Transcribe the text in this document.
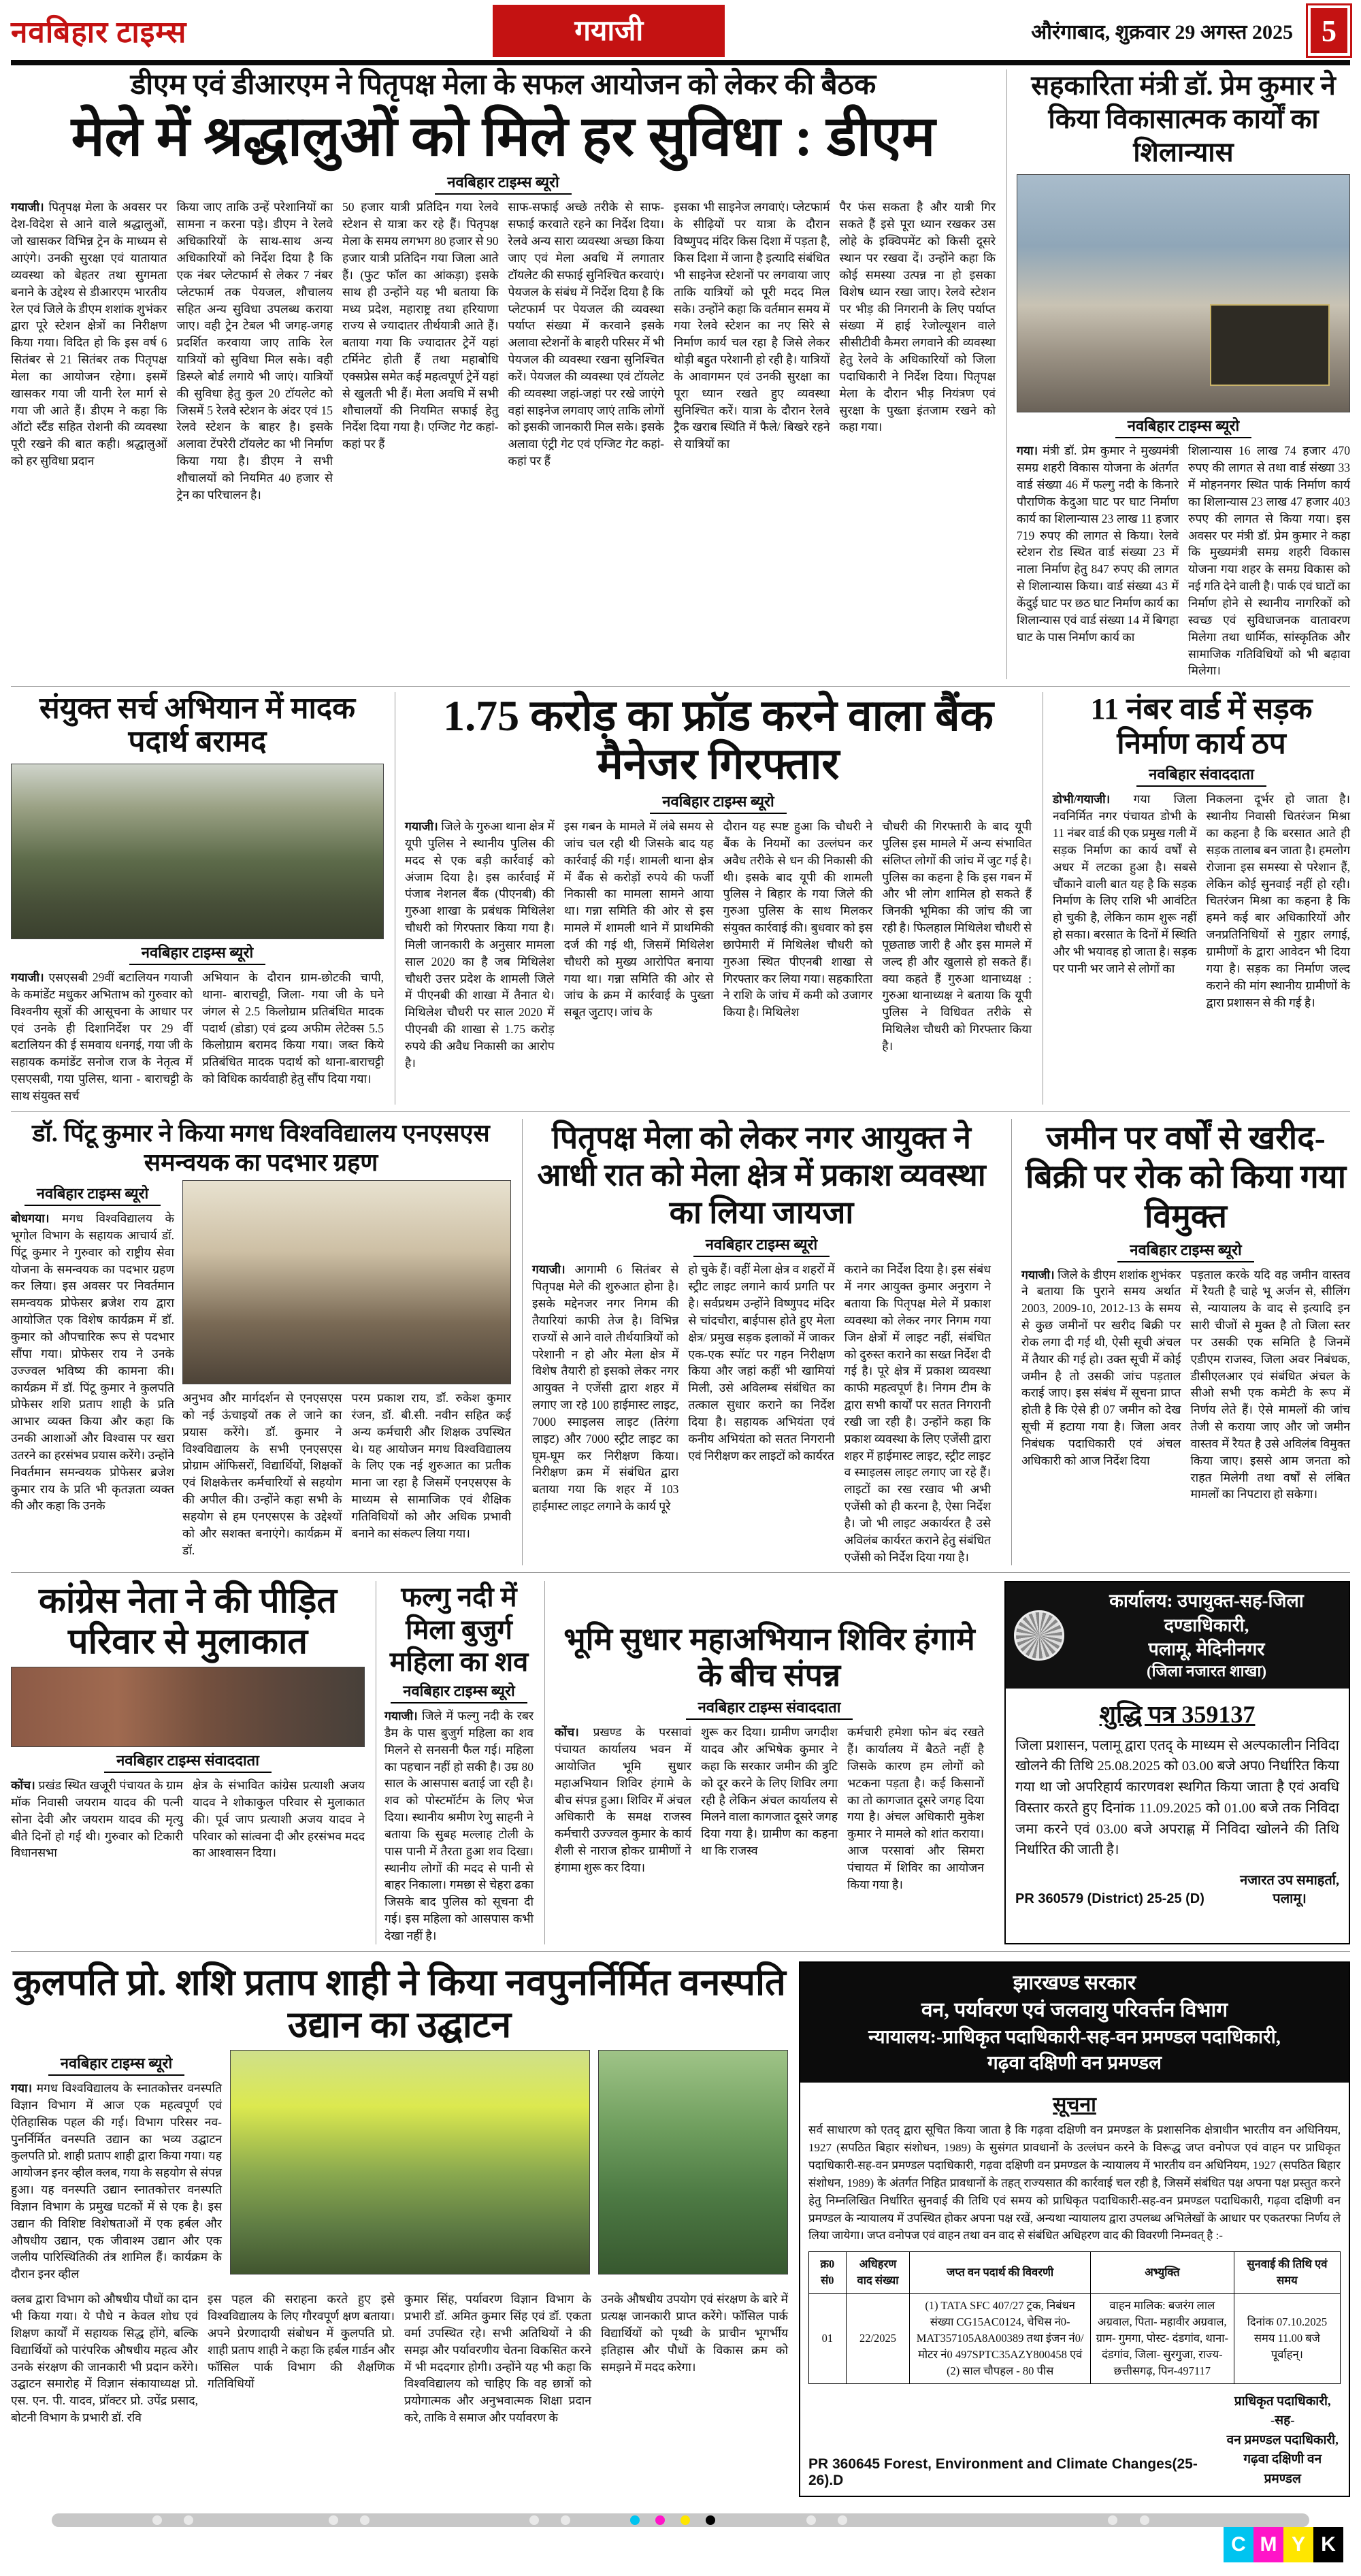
नवबिहार टाइम्स	गयाजी	औरंगाबाद, शुक्रवार 29 अगस्त 2025 5
डीएम एवं डीआरएम ने पितृपक्ष मेला के सफल आयोजन को लेकर की बैठक
मेले में श्रद्धालुओं को मिले हर सुविधा : डीएम
नवबिहार टाइम्स ब्यूरो

गयाजी। पितृपक्ष मेला के अवसर पर देश-विदेश से आने वाले श्रद्धालुओं, जो खासकर विभिन्न ट्रेन के माध्यम से आएंगे। उनकी सुरक्षा एवं यातायात व्यवस्था को बेहतर तथा सुगमता बनाने के उद्देश्य से डीआरएम भारतीय रेल एवं जिले के डीएम शशांक शुभंकर द्वारा पूरे स्टेशन क्षेत्रों का निरीक्षण किया गया। विदित हो कि इस वर्ष 6 सितंबर से 21 सितंबर तक पितृपक्ष मेला का आयोजन रहेगा। इसमें खासकर गया जी यानी रेल मार्ग से गया जी आते हैं। डीएम ने कहा कि ऑटो स्टैंड सहित रोशनी की व्यवस्था पूरी रखने की बात कही। श्रद्धालुओं को हर सुविधा प्रदान

किया जाए ताकि उन्हें परेशानियों का सामना न करना पड़े। डीएम ने रेलवे अधिकारियों के साथ-साथ अन्य अधिकारियों को निर्देश दिया है कि एक नंबर प्लेटफार्म से लेकर 7 नंबर प्लेटफार्म तक पेयजल, शौचालय सहित अन्य सुविधा उपलब्ध कराया जाए। वही ट्रेन टेबल भी जगह-जगह प्रदर्शित करवाया जाए ताकि रेल यात्रियों को सुविधा मिल सके। वही डिस्प्ले बोर्ड लगाये भी जाएं। यात्रियों की सुविधा हेतु कुल 20 टॉयलेट को जिसमें 5 रेलवे स्टेशन के अंदर एवं 15 रेलवे स्टेशन के बाहर है। इसके अलावा टेंपरेरी टॉयलेट का भी निर्माण किया गया है। डीएम ने सभी शौचालयों को नियमित 40 हजार से ट्रेन का परिचालन है।

50 हजार यात्री प्रतिदिन गया रेलवे स्टेशन से यात्रा कर रहे हैं। पितृपक्ष मेला के समय लगभग 80 हजार से 90 हजार यात्री प्रतिदिन गया जिला आते हैं। (फुट फॉल का आंकड़ा) इसके साथ ही उन्होंने यह भी बताया कि मध्य प्रदेश, महाराष्ट्र तथा हरियाणा राज्य से ज्यादातर तीर्थयात्री आते हैं। बताया गया कि ज्यादातर ट्रेनें यहां टर्मिनेट होती हैं तथा महाबोधि एक्सप्रेस समेत कई महत्वपूर्ण ट्रेनें यहां से खुलती भी हैं। मेला अवधि में सभी शौचालयों की नियमित सफाई हेतु निर्देश दिया गया है। एग्जिट गेट कहां-कहां पर हैं

साफ-सफाई अच्छे तरीके से साफ-सफाई करवाते रहने का निर्देश दिया। रेलवे अन्य सारा व्यवस्था अच्छा किया जाए एवं मेला अवधि में लगातार टॉयलेट की सफाई सुनिश्चित करवाएं। पेयजल के संबंध में निर्देश दिया है कि प्लेटफार्म पर पेयजल की व्यवस्था पर्याप्त संख्या में करवाने इसके अलावा स्टेशनों के बाहरी परिसर में भी पेयजल की व्यवस्था रखना सुनिश्चित करें। पेयजल की व्यवस्था एवं टॉयलेट की व्यवस्था जहां-जहां पर रखे जाएंगे वहां साइनेज लगवाए जाएं ताकि लोगों को इसकी जानकारी मिल सके। इसके अलावा एंट्री गेट एवं एग्जिट गेट कहां-कहां पर हैं

इसका भी साइनेज लगवाएं। प्लेटफार्म के सीढ़ियों पर यात्रा के दौरान विष्णुपद मंदिर किस दिशा में पड़ता है, किस दिशा में जाना है इत्यादि संबंधित भी साइनेज स्टेशनों पर लगवाया जाए ताकि यात्रियों को पूरी मदद मिल सके। उन्होंने कहा कि वर्तमान समय में गया रेलवे स्टेशन का नए सिरे से निर्माण कार्य चल रहा है जिसे लेकर थोड़ी बहुत परेशानी हो रही है। यात्रियों के आवागमन एवं उनकी सुरक्षा का पूरा ध्यान रखते हुए व्यवस्था सुनिश्चित करें। यात्रा के दौरान रेलवे ट्रैक खराब स्थिति में फैले/ बिखरे रहने से यात्रियों का

पैर फंस सकता है और यात्री गिर सकते हैं इसे पूरा ध्यान रखकर उस लोहे के इक्विपमेंट को किसी दूसरे स्थान पर रखवा दें। उन्होंने कहा कि कोई समस्या उत्पन्न ना हो इसका विशेष ध्यान रखा जाए। रेलवे स्टेशन पर भीड़ की निगरानी के लिए पर्याप्त संख्या में हाई रेजोल्यूशन वाले सीसीटीवी कैमरा लगवाने की व्यवस्था हेतु रेलवे के अधिकारियों को जिला पदाधिकारी ने निर्देश दिया। पितृपक्ष मेला के दौरान भीड़ नियंत्रण एवं सुरक्षा के पुख्ता इंतजाम रखने को कहा गया।

सहकारिता मंत्री डॉ. प्रेम कुमार ने किया विकासात्मक कार्यों का शिलान्यास
नवबिहार टाइम्स ब्यूरो

गया। मंत्री डॉ. प्रेम कुमार ने मुख्यमंत्री समग्र शहरी विकास योजना के अंतर्गत वार्ड संख्या 46 में फल्गु नदी के किनारे पौराणिक केदुआ घाट पर घाट निर्माण कार्य का शिलान्यास 23 लाख 11 हजार 719 रुपए की लागत से किया। रेलवे स्टेशन रोड स्थित वार्ड संख्या 23 में नाला निर्माण हेतु 847 रुपए की लागत से शिलान्यास किया। वार्ड संख्या 43 में केंदुई घाट पर छठ घाट निर्माण कार्य का शिलान्यास एवं वार्ड संख्या 14 में बिगहा घाट के पास निर्माण कार्य का

शिलान्यास 16 लाख 74 हजार 470 रुपए की लागत से तथा वार्ड संख्या 33 में मोहननगर स्थित पार्क निर्माण कार्य का शिलान्यास 23 लाख 47 हजार 403 रुपए की लागत से किया गया। इस अवसर पर मंत्री डॉ. प्रेम कुमार ने कहा कि मुख्यमंत्री समग्र शहरी विकास योजना गया शहर के समग्र विकास को नई गति देने वाली है। पार्क एवं घाटों का निर्माण होने से स्थानीय नागरिकों को स्वच्छ एवं सुविधाजनक वातावरण मिलेगा तथा धार्मिक, सांस्कृतिक और सामाजिक गतिविधियों को भी बढ़ावा मिलेगा।

संयुक्त सर्च अभियान में मादक पदार्थ बरामद
नवबिहार टाइम्स ब्यूरो

गयाजी। एसएसबी 29वीं बटालियन गयाजी के कमांडेंट मधुकर अभिताभ को गुरुवार को विश्वनीय सूत्रों की आसूचना के आधार पर एवं उनके ही दिशानिर्देश पर 29 वीं बटालियन की ई समवाय धनगई, गया जी के सहायक कमांडेंट सनोज राज के नेतृत्व में एसएसबी, गया पुलिस, थाना - बाराचट्टी के साथ संयुक्त सर्च

अभियान के दौरान ग्राम-छोटकी चापी, थाना- बाराचट्टी, जिला- गया जी के घने जंगल से 2.5 किलोग्राम प्रतिबंधित मादक पदार्थ (डोडा) एवं द्रव्य अफीम लेटेक्स 5.5 किलोग्राम बरामद किया गया। जब्त किये प्रतिबंधित मादक पदार्थ को थाना-बाराचट्टी को विधिक कार्यवाही हेतु सौंप दिया गया।

1.75 करोड़ का फ्रॉड करने वाला बैंक मैनेजर गिरफ्तार
नवबिहार टाइम्स ब्यूरो

गयाजी। जिले के गुरुआ थाना क्षेत्र में यूपी पुलिस ने स्थानीय पुलिस की मदद से एक बड़ी कार्रवाई को अंजाम दिया है। इस कार्रवाई में पंजाब नेशनल बैंक (पीएनबी) की गुरुआ शाखा के प्रबंधक मिथिलेश चौधरी को गिरफ्तार किया गया है। मिली जानकारी के अनुसार मामला साल 2020 का है जब मिथिलेश चौधरी उत्तर प्रदेश के शामली जिले में पीएनबी की शाखा में तैनात थे। मिथिलेश चौधरी पर साल 2020 में पीएनबी की शाखा से 1.75 करोड़ रुपये की अवैध निकासी का आरोप है।

इस गबन के मामले में लंबे समय से जांच चल रही थी जिसके बाद यह कार्रवाई की गई। शामली थाना क्षेत्र में बैंक से करोड़ों रुपये की फर्जी निकासी का मामला सामने आया था। गन्ना समिति की ओर से इस मामले में शामली थाने में प्राथमिकी दर्ज की गई थी, जिसमें मिथिलेश चौधरी को मुख्य आरोपित बनाया गया था। गन्ना समिति की ओर से जांच के क्रम में कार्रवाई के पुख्ता सबूत जुटाए। जांच के

दौरान यह स्पष्ट हुआ कि चौधरी ने बैंक के नियमों का उल्लंघन कर अवैध तरीके से धन की निकासी की थी। इसके बाद यूपी की शामली पुलिस ने बिहार के गया जिले की गुरुआ पुलिस के साथ मिलकर संयुक्त कार्रवाई की। बुधवार को इस छापेमारी में मिथिलेश चौधरी को गुरुआ स्थित पीएनबी शाखा से गिरफ्तार कर लिया गया। सहकारिता ने राशि के जांच में कमी को उजागर किया है। मिथिलेश

चौधरी की गिरफ्तारी के बाद यूपी पुलिस इस मामले में अन्य संभावित संलिप्त लोगों की जांच में जुट गई है। पुलिस का कहना है कि इस गबन में और भी लोग शामिल हो सकते हैं जिनकी भूमिका की जांच की जा रही है। फिलहाल मिथिलेश चौधरी से पूछताछ जारी है और इस मामले में जल्द ही और खुलासे हो सकते हैं। क्या कहते हैं गुरुआ थानाध्यक्ष : गुरुआ थानाध्यक्ष ने बताया कि यूपी पुलिस ने विधिवत तरीके से मिथिलेश चौधरी को गिरफ्तार किया है।

11 नंबर वार्ड में सड़क निर्माण कार्य ठप
नवबिहार संवाददाता

डोभी/गयाजी। गया जिला नवनिर्मित नगर पंचायत डोभी के 11 नंबर वार्ड की एक प्रमुख गली में सड़क निर्माण का कार्य वर्षों से अधर में लटका हुआ है। सबसे चौंकाने वाली बात यह है कि सड़क निर्माण के लिए राशि भी आवंटित हो चुकी है, लेकिन काम शुरू नहीं हो सका। बरसात के दिनों में स्थिति और भी भयावह हो जाता है। सड़क पर पानी भर जाने से लोगों का

निकलना दूर्भर हो जाता है। स्थानीय निवासी चितरंजन मिश्रा का कहना है कि बरसात आते ही सड़क तालाब बन जाता है। हमलोग रोजाना इस समस्या से परेशान हैं, लेकिन कोई सुनवाई नहीं हो रही। चितरंजन मिश्रा का कहना है कि हमने कई बार अधिकारियों और जनप्रतिनिधियों से गुहार लगाई, ग्रामीणों के द्वारा आवेदन भी दिया गया है। सड़क का निर्माण जल्द कराने की मांग स्थानीय ग्रामीणों के द्वारा प्रशासन से की गई है।

डॉ. पिंटू कुमार ने किया मगध विश्वविद्यालय एनएसएस समन्वयक का पदभार ग्रहण
नवबिहार टाइम्स ब्यूरो

बोधगया। मगध विश्वविद्यालय के भूगोल विभाग के सहायक आचार्य डॉ. पिंटू कुमार ने गुरुवार को राष्ट्रीय सेवा योजना के समन्वयक का पदभार ग्रहण कर लिया। इस अवसर पर निवर्तमान समन्वयक प्रोफेसर ब्रजेश राय द्वारा आयोजित एक विशेष कार्यक्रम में डॉ. कुमार को औपचारिक रूप से पदभार सौंपा गया। प्रोफेसर राय ने उनके उज्ज्वल भविष्य की कामना की। कार्यक्रम में डॉ. पिंटू कुमार ने कुलपति प्रोफेसर शशि प्रताप शाही के प्रति आभार व्यक्त किया और कहा कि उनकी आशाओं और विश्वास पर खरा उतरने का हरसंभव प्रयास करेंगे। उन्होंने निवर्तमान समन्वयक प्रोफेसर ब्रजेश कुमार राय के प्रति भी कृतज्ञता व्यक्त की और कहा कि उनके

अनुभव और मार्गदर्शन से एनएसएस को नई ऊंचाइयों तक ले जाने का प्रयास करेंगे। डॉ. कुमार ने विश्वविद्यालय के सभी एनएसएस प्रोग्राम ऑफिसरों, विद्यार्थियों, शिक्षकों एवं शिक्षकेत्तर कर्मचारियों से सहयोग की अपील की। उन्होंने कहा सभी के सहयोग से हम एनएसएस के उद्देश्यों को और सशक्त बनाएंगे। कार्यक्रम में डॉ.

परम प्रकाश राय, डॉ. रुकेश कुमार रंजन, डॉ. बी.सी. नवीन सहित कई अन्य कर्मचारी और शिक्षक उपस्थित थे। यह आयोजन मगध विश्वविद्यालय के लिए एक नई शुरुआत का प्रतीक माना जा रहा है जिसमें एनएसएस के माध्यम से सामाजिक एवं शैक्षिक गतिविधियों को और अधिक प्रभावी बनाने का संकल्प लिया गया।

पितृपक्ष मेला को लेकर नगर आयुक्त ने आधी रात को मेला क्षेत्र में प्रकाश व्यवस्था का लिया जायजा
नवबिहार टाइम्स ब्यूरो

गयाजी। आगामी 6 सितंबर से पितृपक्ष मेले की शुरुआत होना है। इसके मद्देनजर नगर निगम की तैयारियां काफी तेज है। विभिन्न राज्यों से आने वाले तीर्थयात्रियों को परेशानी न हो और मेला क्षेत्र में विशेष तैयारी हो इसको लेकर नगर आयुक्त ने एजेंसी द्वारा शहर में लगाए जा रहे 100 हाईमास्ट लाइट, 7000 स्माइलस लाइट (तिरंगा लाइट) और 7000 स्ट्रीट लाइट का घूम-घूम कर निरीक्षण किया। निरीक्षण क्रम में संबंधित द्वारा बताया गया कि शहर में 103 हाईमास्ट लाइट लगाने के कार्य पूरे

हो चुके हैं। वहीं मेला क्षेत्र व शहरों में स्ट्रीट लाइट लगाने कार्य प्रगति पर है। सर्वप्रथम उन्होंने विष्णुपद मंदिर से चांदचौरा, बाईपास होते हुए मेला क्षेत्र/ प्रमुख सड़क इलाकों में जाकर एक-एक स्पॉट पर गहन निरीक्षण किया और जहां कहीं भी खामियां मिली, उसे अविलम्ब संबंधित का तत्काल सुधार कराने का निर्देश दिया है। सहायक अभियंता एवं कनीय अभियंता को सतत निगरानी एवं निरीक्षण कर लाइटों को कार्यरत

कराने का निर्देश दिया है। इस संबंध में नगर आयुक्त कुमार अनुराग ने बताया कि पितृपक्ष मेले में प्रकाश व्यवस्था को लेकर नगर निगम गया जिन क्षेत्रों में लाइट नहीं, संबंधित को दुरुस्त कराने का सख्त निर्देश दी गई है। पूरे क्षेत्र में प्रकाश व्यवस्था काफी महत्वपूर्ण है। निगम टीम के द्वारा सभी कार्यों पर सतत निगरानी रखी जा रही है। उन्होंने कहा कि प्रकाश व्यवस्था के लिए एजेंसी द्वारा शहर में हाईमास्ट लाइट, स्ट्रीट लाइट व स्माइलस लाइट लगाए जा रहे हैं। लाइटों का रख रखाव भी अभी एजेंसी को ही करना है, ऐसा निर्देश है। जो भी लाइट अकार्यरत है उसे अविलंब कार्यरत कराने हेतु संबंधित एजेंसी को निर्देश दिया गया है।

जमीन पर वर्षों से खरीद-बिक्री पर रोक को किया गया विमुक्त
नवबिहार टाइम्स ब्यूरो

गयाजी। जिले के डीएम शशांक शुभंकर ने बताया कि पुराने समय अर्थात 2003, 2009-10, 2012-13 के समय से कुछ जमीनों पर खरीद बिक्री पर रोक लगा दी गई थी, ऐसी सूची अंचल में तैयार की गई हो। उक्त सूची में कोई जमीन है तो उसकी जांच पड़ताल कराई जाए। इस संबंध में सूचना प्राप्त होती है कि ऐसे ही 07 जमीन को देख सूची में हटाया गया है। जिला अवर निबंधक पदाधिकारी एवं अंचल अधिकारी को आज निर्देश दिया

पड़ताल करके यदि वह जमीन वास्तव में रैयती है चाहे भू अर्जन से, सीलिंग से, न्यायालय के वाद से इत्यादि इन सारी चीजों से मुक्त है तो जिला स्तर पर उसकी एक समिति है जिनमें एडीएम राजस्व, जिला अवर निबंधक, डीसीएलआर एवं संबंधित अंचल के सीओ सभी एक कमेटी के रूप में निर्णय लेते हैं। ऐसे मामलों की जांच तेजी से कराया जाए और जो जमीन वास्तव में रैयत है उसे अविलंब विमुक्त किया जाए। इससे आम जनता को राहत मिलेगी तथा वर्षों से लंबित मामलों का निपटारा हो सकेगा।

कांग्रेस नेता ने की पीड़ित परिवार से मुलाकात
नवबिहार टाइम्स संवाददाता

कोंच। प्रखंड स्थित खजूरी पंचायत के ग्राम मॉक निवासी जयराम यादव की पत्नी सोना देवी और जयराम यादव की मृत्यु बीते दिनों हो गई थी। गुरुवार को टिकारी विधानसभा

क्षेत्र के संभावित कांग्रेस प्रत्याशी अजय यादव ने शोकाकुल परिवार से मुलाकात की। पूर्व जाप प्रत्याशी अजय यादव ने परिवार को सांत्वना दी और हरसंभव मदद का आश्वासन दिया।

फल्गु नदी में मिला बुजुर्ग महिला का शव
नवबिहार टाइम्स ब्यूरो

गयाजी। जिले में फल्गु नदी के रबर डैम के पास बुजुर्ग महिला का शव मिलने से सनसनी फैल गई। महिला का पहचान नहीं हो सकी है। उम्र 80 साल के आसपास बताई जा रही है। शव को पोस्टमॉर्टम के लिए भेज दिया। स्थानीय श्रमीण रेणु साहनी ने बताया कि सुबह मल्लाह टोली के पास पानी में तैरता हुआ शव दिखा। स्थानीय लोगों की मदद से पानी से बाहर निकाला। गमछा से चेहरा ढका जिसके बाद पुलिस को सूचना दी गई। इस महिला को आसपास कभी देखा नहीं है।

भूमि सुधार महाअभियान शिविर हंगामे के बीच संपन्न
नवबिहार टाइम्स संवाददाता

कोंच। प्रखण्ड के परसावां पंचायत कार्यालय भवन में आयोजित भूमि सुधार महाअभियान शिविर हंगामे के बीच संपन्न हुआ। शिविर में अंचल अधिकारी के समक्ष राजस्व कर्मचारी उज्ज्वल कुमार के कार्य शैली से नाराज होकर ग्रामीणों ने हंगामा शुरू कर दिया।

शुरू कर दिया। ग्रामीण जगदीश यादव और अभिषेक कुमार ने कहा कि सरकार जमीन की त्रुटि को दूर करने के लिए शिविर लगा रही है लेकिन अंचल कार्यालय से मिलने वाला कागजात दूसरे जगह दिया गया है। ग्रामीण का कहना था कि राजस्व

कर्मचारी हमेशा फोन बंद रखते हैं। कार्यालय में बैठते नहीं है जिसके कारण हम लोगों को भटकना पड़ता है। कई किसानों का तो कागजात दूसरे जगह दिया गया है। अंचल अधिकारी मुकेश कुमार ने मामले को शांत कराया। आज परसावां और सिमरा पंचायत में शिविर का आयोजन किया गया है।

कार्यालय: उपायुक्त-सह-जिला दण्डाधिकारी,
पलामू, मेदिनीनगर
(जिला नजारत शाखा)
शुद्धि पत्र 359137

जिला प्रशासन, पलामू द्वारा एतद् के माध्यम से अल्पकालीन निविदा खोलने की तिथि 25.08.2025 को 03.00 बजे अप0 निर्धारित किया गया था जो अपरिहार्य कारणवश स्थगित किया जाता है एवं अवधि विस्तार करते हुए दिनांक 11.09.2025 को 01.00 बजे तक निविदा जमा करने एवं 03.00 बजे अपराह्ण में निविदा खोलने की तिथि निर्धारित की जाती है।

PR 360579 (District) 25-25 (D)
नजारत उप समाहर्ता,
पलामू।
कुलपति प्रो. शशि प्रताप शाही ने किया नवपुनर्निर्मित वनस्पति उद्यान का उद्घाटन
नवबिहार टाइम्स ब्यूरो

गया। मगध विश्वविद्यालय के स्नातकोत्तर वनस्पति विज्ञान विभाग में आज एक महत्वपूर्ण एवं ऐतिहासिक पहल की गई। विभाग परिसर नव-पुनर्निर्मित वनस्पति उद्यान का भव्य उद्घाटन कुलपति प्रो. शाही प्रताप शाही द्वारा किया गया। यह आयोजन इनर व्हील क्लब, गया के सहयोग से संपन्न हुआ। यह वनस्पति उद्यान स्नातकोत्तर वनस्पति विज्ञान विभाग के प्रमुख घटकों में से एक है। इस उद्यान की विशिष्ट विशेषताओं में एक हर्बल और औषधीय उद्यान, एक जीवाश्म उद्यान और एक जलीय पारिस्थितिकी तंत्र शामिल हैं। कार्यक्रम के दौरान इनर व्हील

क्लब द्वारा विभाग को औषधीय पौधों का दान भी किया गया। ये पौधे न केवल शोध एवं शिक्षण कार्यों में सहायक सिद्ध होंगे, बल्कि विद्यार्थियों को पारंपरिक औषधीय महत्व और उनके संरक्षण की जानकारी भी प्रदान करेंगे। उद्घाटन समारोह में विज्ञान संकायाध्यक्ष प्रो. एस. एन. पी. यादव, प्रॉक्टर प्रो. उपेंद्र प्रसाद, बोटनी विभाग के प्रभारी डॉ. रवि

इस पहल की सराहना करते हुए इसे विश्वविद्यालय के लिए गौरवपूर्ण क्षण बताया। अपने प्रेरणादायी संबोधन में कुलपति प्रो. शाही प्रताप शाही ने कहा कि हर्बल गार्डन और फॉसिल पार्क विभाग की शैक्षणिक गतिविधियों

कुमार सिंह, पर्यावरण विज्ञान विभाग के प्रभारी डॉ. अमित कुमार सिंह एवं डॉ. एकता वर्मा उपस्थित रहे। सभी अतिथियों ने की समझ और पर्यावरणीय चेतना विकसित करने में भी मददगार होगी। उन्होंने यह भी कहा कि विश्वविद्यालय को चाहिए कि वह छात्रों को प्रयोगात्मक और अनुभवात्मक शिक्षा प्रदान करे, ताकि वे समाज और पर्यावरण के

उनके औषधीय उपयोग एवं संरक्षण के बारे में प्रत्यक्ष जानकारी प्राप्त करेंगे। फॉसिल पार्क विद्यार्थियों को पृथ्वी के प्राचीन भूगर्भीय इतिहास और पौधों के विकास क्रम को समझने में मदद करेगा।

झारखण्ड सरकार
वन, पर्यावरण एवं जलवायु परिवर्त्तन विभाग
न्यायालय:-प्राधिकृत पदाधिकारी-सह-वन प्रमण्डल पदाधिकारी,
गढ़वा दक्षिणी वन प्रमण्डल
सूचना

सर्व साधारण को एतद् द्वारा सूचित किया जाता है कि गढ़वा दक्षिणी वन प्रमण्डल के प्रशासनिक क्षेत्राधीन भारतीय वन अधिनियम, 1927 (सपठित बिहार संशोधन, 1989) के सुसंगत प्रावधानों के उल्लंघन करने के विरूद्ध जप्त वनोपज एवं वाहन पर प्राधिकृत पदाधिकारी-सह-वन प्रमण्डल पदाधिकारी, गढ़वा दक्षिणी वन प्रमण्डल के न्यायालय में भारतीय वन अधिनियम, 1927 (सपठित बिहार संशोधन, 1989) के अंतर्गत निहित प्रावधानों के तहत् राज्यसात की कार्रवाई चल रही है, जिसमें संबंधित पक्ष अपना पक्ष प्रस्तुत करने हेतु निम्नलिखित निर्धारित सुनवाई की तिथि एवं समय को प्राधिकृत पदाधिकारी-सह-वन प्रमण्डल पदाधिकारी, गढ़वा दक्षिणी वन प्रमण्डल के न्यायालय में उपस्थित होकर अपना पक्ष रखें, अन्यथा न्यायालय द्वारा उपलब्ध अभिलेखों के आधार पर एकतरफा निर्णय ले लिया जायेगा। जप्त वनोपज एवं वाहन तथा वन वाद से संबंधित अधिहरण वाद की विवरणी निम्नवत् है :-

क्र0 सं0	अधिहरण वाद संख्या	जप्त वन पदार्थ की विवरणी	अभ्युक्ति	सुनवाई की तिथि एवं समय
01	22/2025	(1) TATA SFC 407/27 ट्रक, निबंधन संख्या CG15AC0124, चेचिस नं0- MAT357105A8A00389 तथा इंजन नं0/मोटर नं0 497SPTC35AZY800458 एवं (2) साल चौपहल - 80 पीस	वाहन मालिक: बजरंग लाल अग्रवाल, पिता- महावीर अग्रवाल, ग्राम- गुमगा, पोस्ट- दंडगांव, थाना- दंडगांव, जिला- सुरगुजा, राज्य- छत्तीसगढ़, पिन-497117	दिनांक 07.10.2025 समय 11.00 बजे पूर्वाहन्।
PR 360645 Forest, Environment and Climate Changes(25-26).D
प्राधिकृत पदाधिकारी,
-सह-
वन प्रमण्डल पदाधिकारी,
गढ़वा दक्षिणी वन प्रमण्डल
C M Y K
